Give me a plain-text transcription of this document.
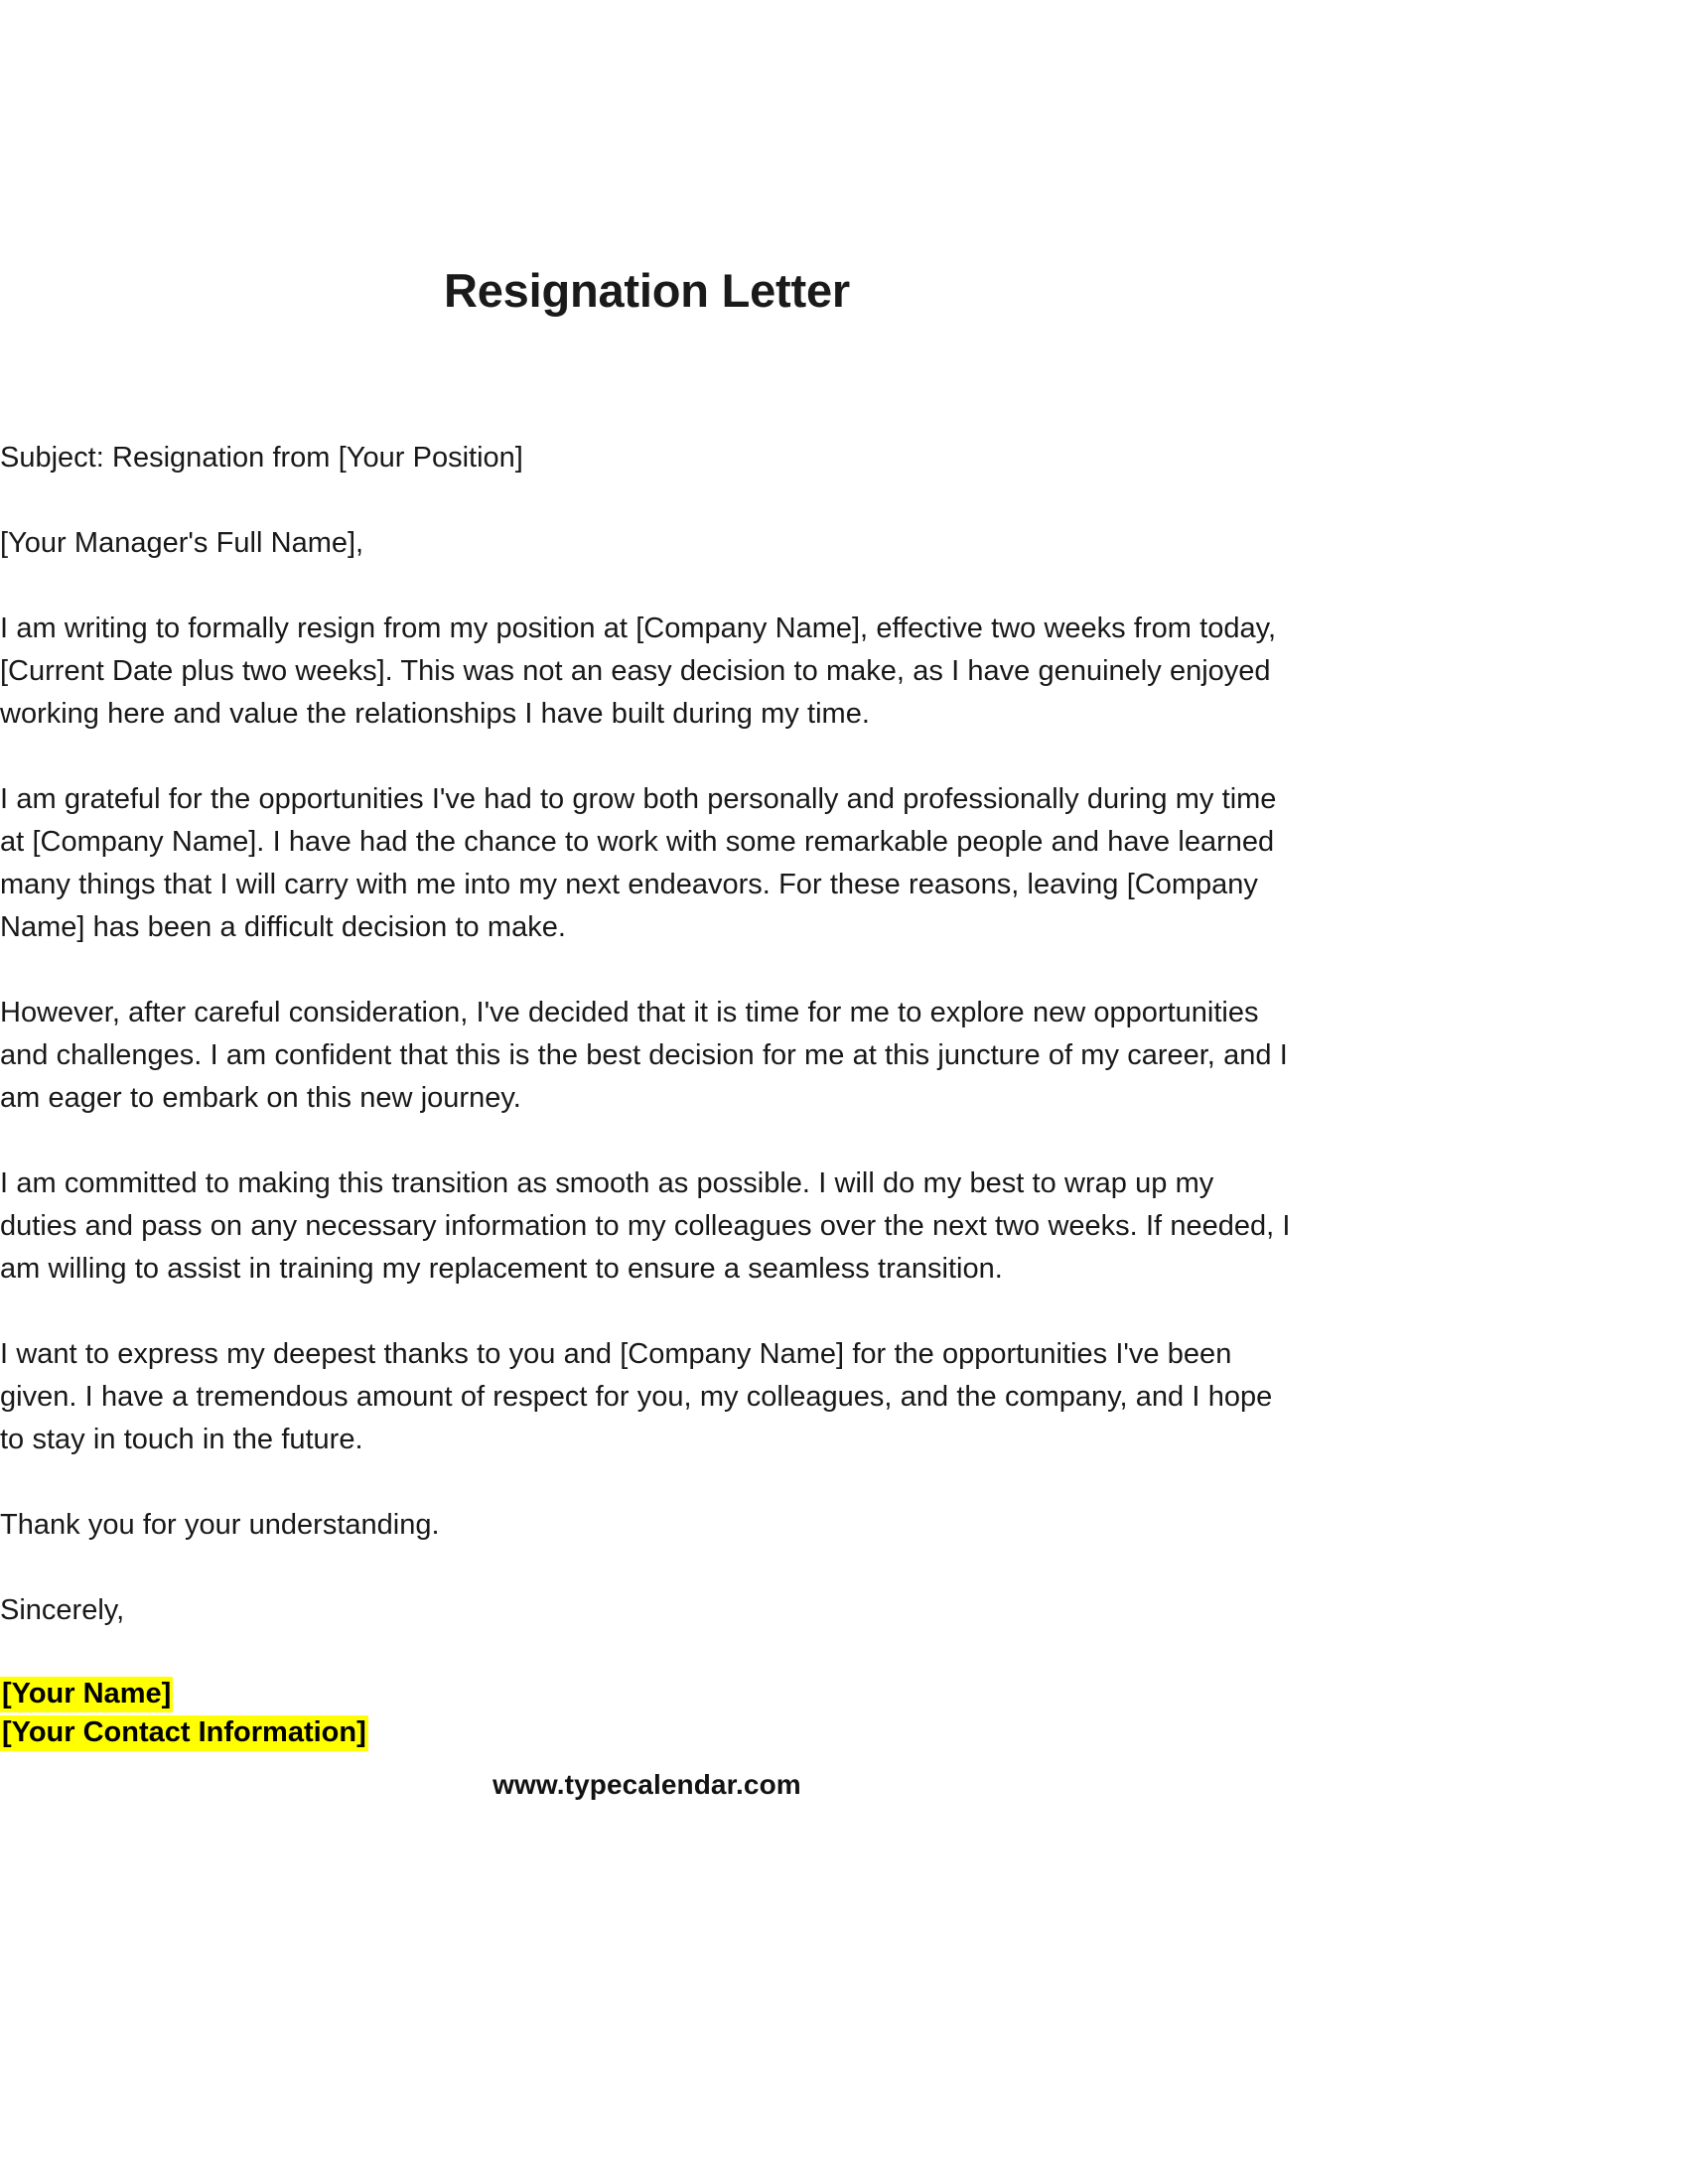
Resignation Letter

Subject: Resignation from [Your Position]

[Your Manager's Full Name],

I am writing to formally resign from my position at [Company Name], effective two weeks from today, [Current Date plus two weeks]. This was not an easy decision to make, as I have genuinely enjoyed working here and value the relationships I have built during my time.

I am grateful for the opportunities I've had to grow both personally and professionally during my time at [Company Name]. I have had the chance to work with some remarkable people and have learned many things that I will carry with me into my next endeavors. For these reasons, leaving [Company Name] has been a difficult decision to make.

However, after careful consideration, I've decided that it is time for me to explore new opportunities and challenges. I am confident that this is the best decision for me at this juncture of my career, and I am eager to embark on this new journey.

I am committed to making this transition as smooth as possible. I will do my best to wrap up my duties and pass on any necessary information to my colleagues over the next two weeks. If needed, I am willing to assist in training my replacement to ensure a seamless transition.

I want to express my deepest thanks to you and [Company Name] for the opportunities I've been given. I have a tremendous amount of respect for you, my colleagues, and the company, and I hope to stay in touch in the future.

Thank you for your understanding.

Sincerely,

[Your Name]
[Your Contact Information]
www.typecalendar.com
